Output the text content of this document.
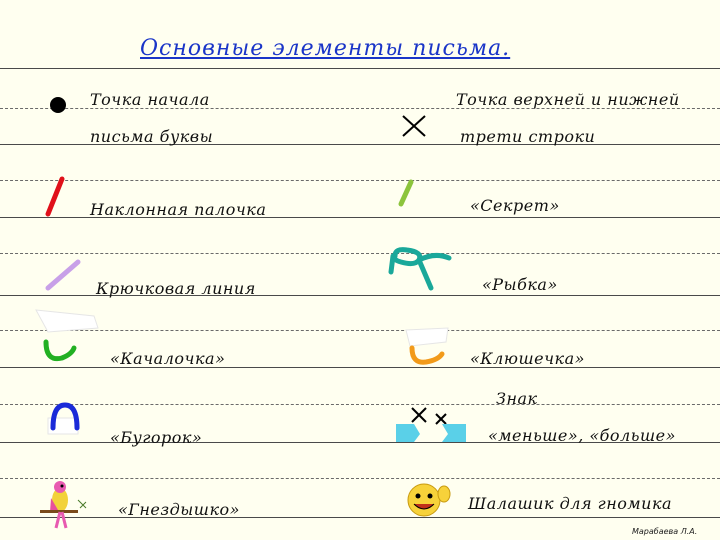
Основные элементы письма.
Точка начала
письма буквы
Наклонная палочка
Крючковая линия
«Качалочка»
«Бугорок»
«Гнездышко»
Точка верхней и нижней
трети строки
«Секрет»
«Рыбка»
«Клюшечка»
Знак
«меньше», «больше»
Шалашик для гномика
Марабаева Л.А.
